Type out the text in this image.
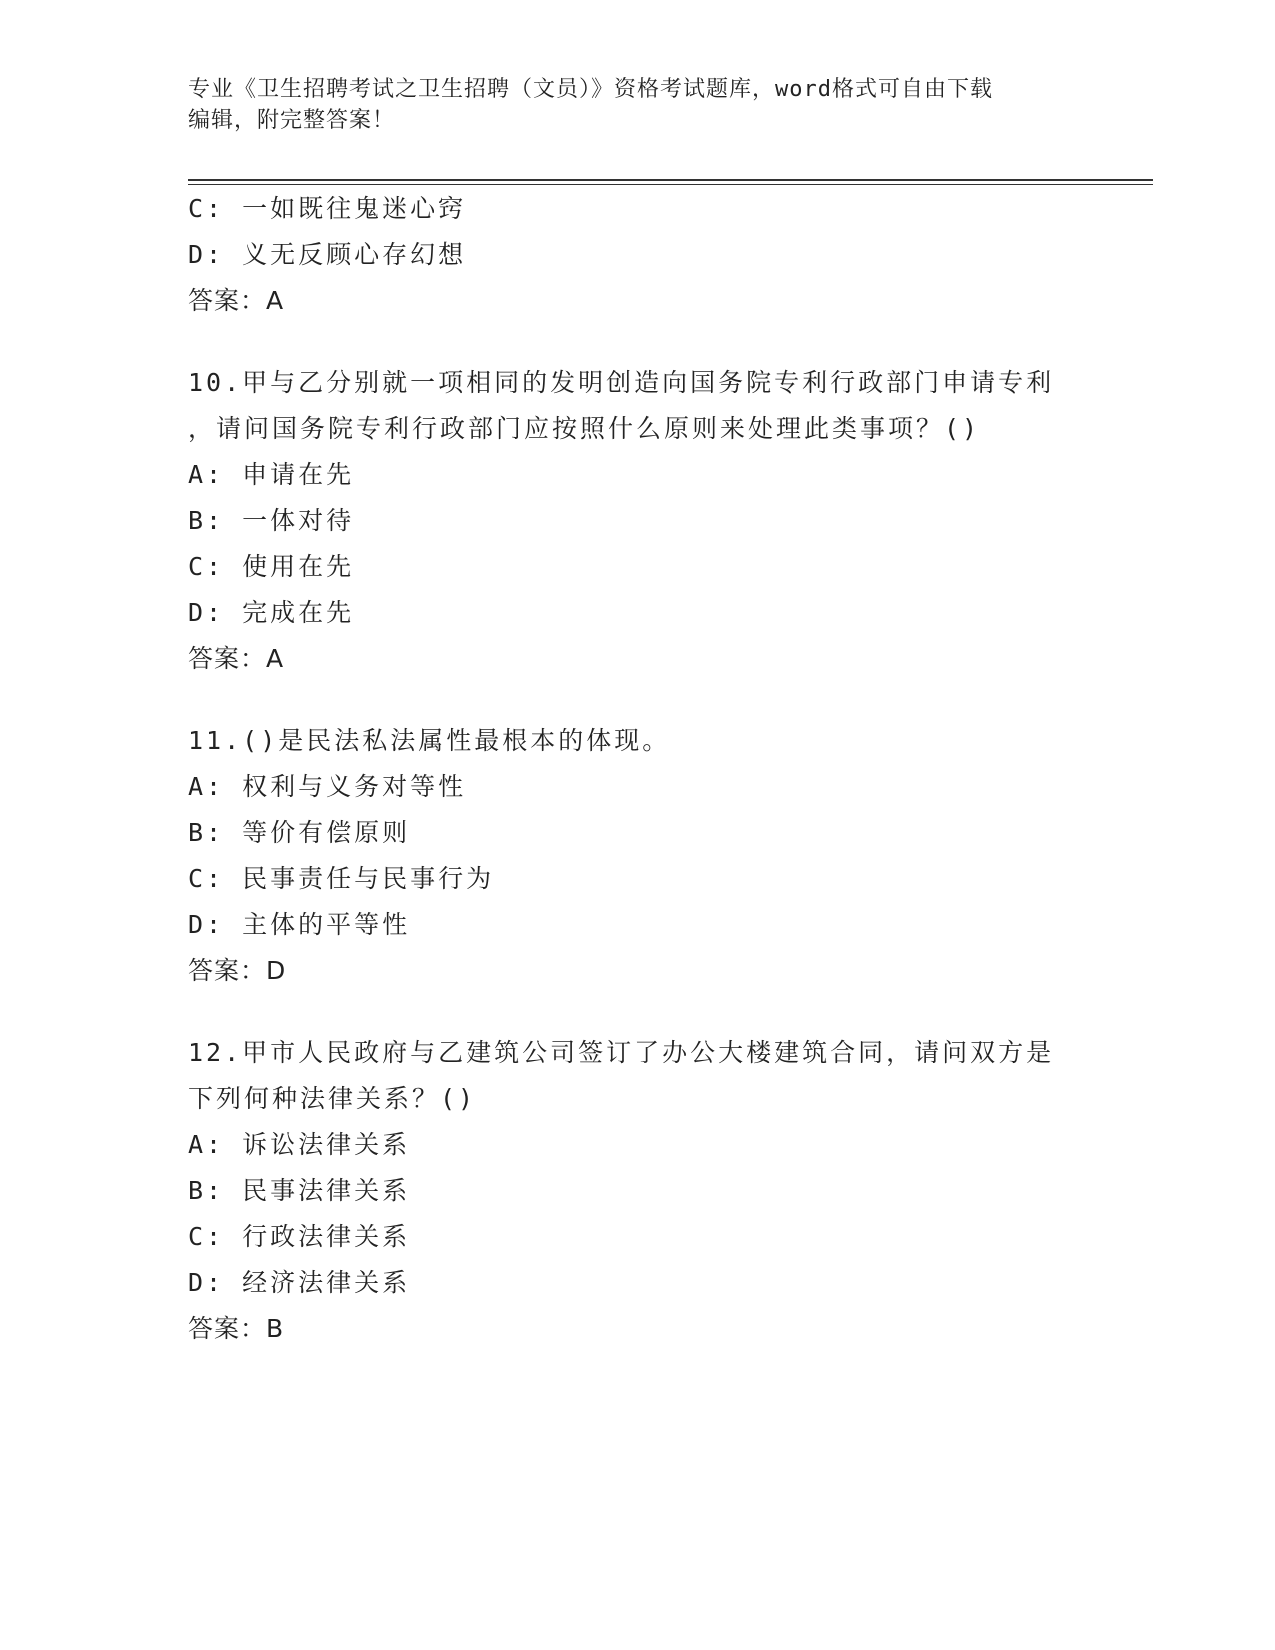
专业《卫生招聘考试之卫生招聘（文员）》资格考试题库，word格式可自由下载
编辑，附完整答案！
C: 一如既往鬼迷心窍
D: 义无反顾心存幻想
答案：A
10.甲与乙分别就一项相同的发明创造向国务院专利行政部门申请专利
，请问国务院专利行政部门应按照什么原则来处理此类事项？()
A: 申请在先
B: 一体对待
C: 使用在先
D: 完成在先
答案：A
11.()是民法私法属性最根本的体现。
A: 权利与义务对等性
B: 等价有偿原则
C: 民事责任与民事行为
D: 主体的平等性
答案：D
12.甲市人民政府与乙建筑公司签订了办公大楼建筑合同，请问双方是
下列何种法律关系？()
A: 诉讼法律关系
B: 民事法律关系
C: 行政法律关系
D: 经济法律关系
答案：B
